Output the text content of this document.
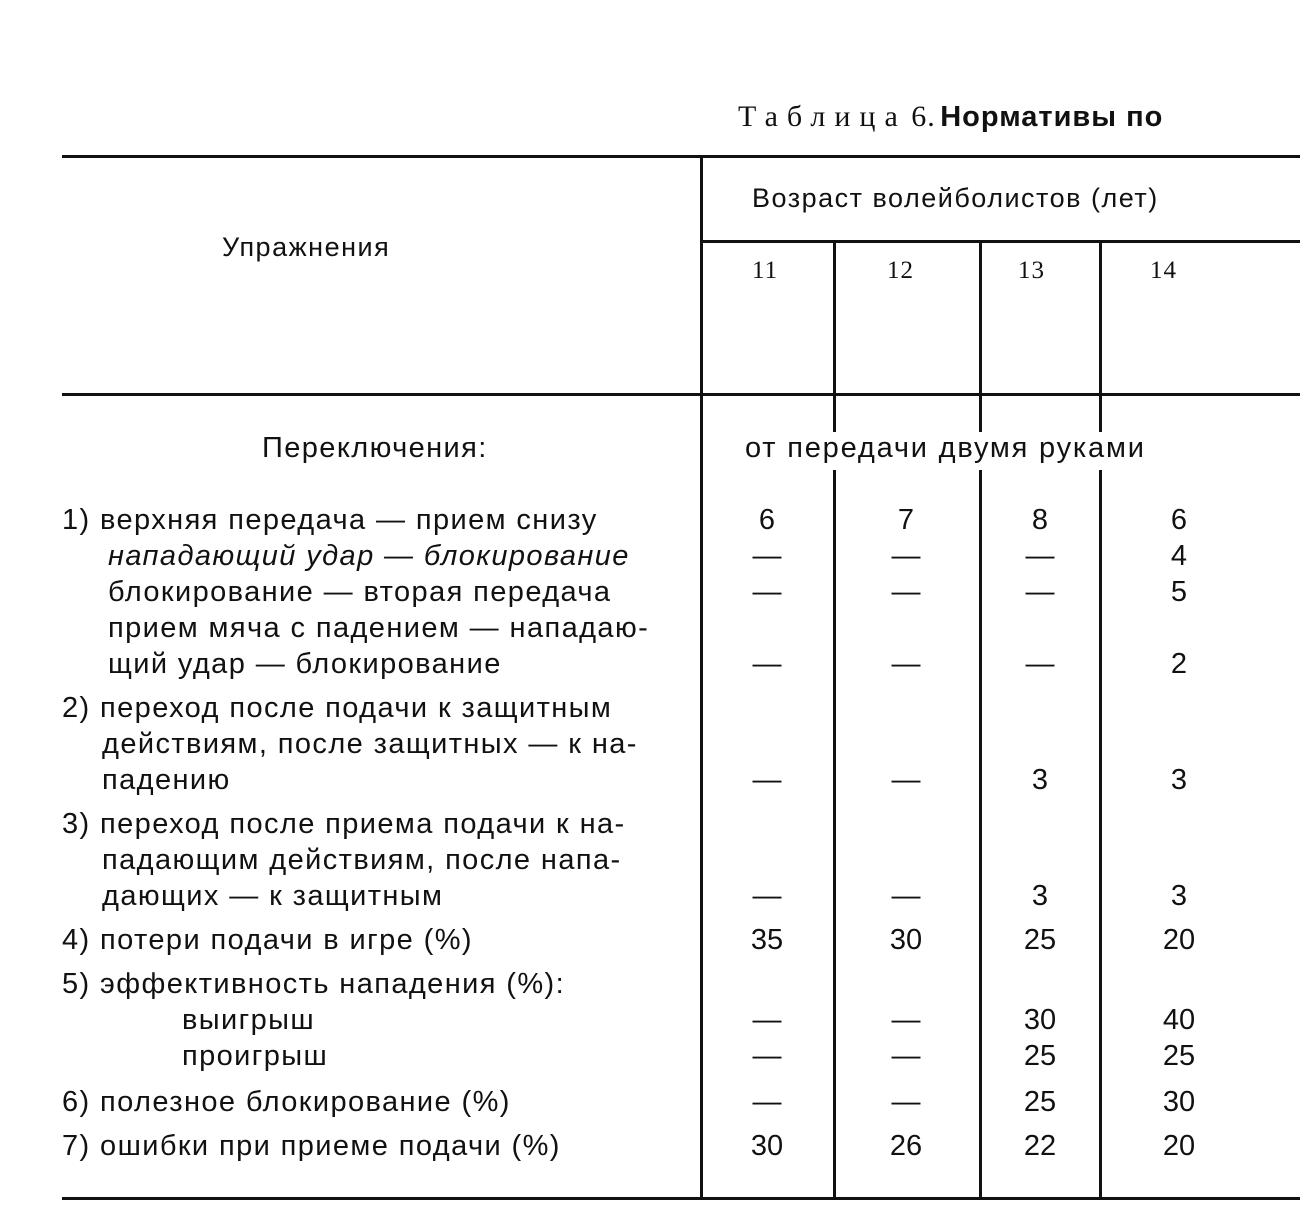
Таблица 6. Нормативы по
Упражнения
Возраст волейболистов (лет)
11	12	13	14
Переключения:	от передачи двумя руками
1) верхняя передача — прием снизу	6	7	8	6
нападающий удар — блокирование	—	—	—	4
блокирование — вторая передача	—	—	—	5
прием мяча с падением — нападаю-
щий удар — блокирование	—	—	—	2
2) переход после подачи к защитным
действиям, после защитных — к на-
падению	—	—	3	3
3) переход после приема подачи к на-
падающим действиям, после напа-
дающих — к защитным	—	—	3	3
4) потери подачи в игре (%)	35	30	25	20
5) эффективность нападения (%):
выигрыш	—	—	30	40
проигрыш	—	—	25	25
6) полезное блокирование (%)	—	—	25	30
7) ошибки при приеме подачи (%)	30	26	22	20
